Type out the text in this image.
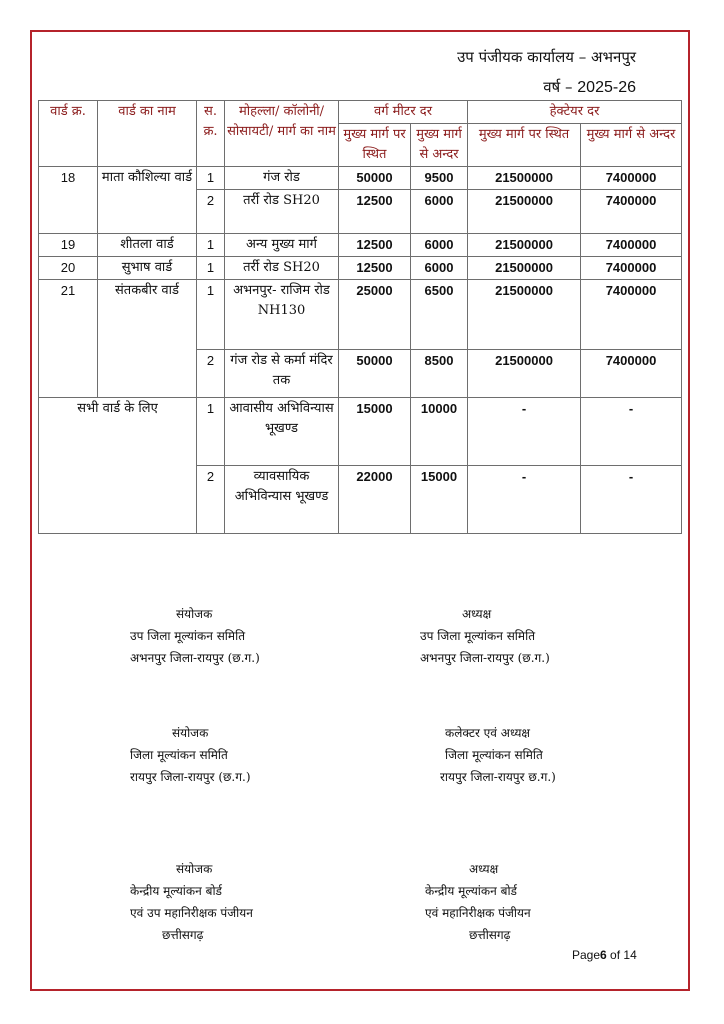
उप पंजीयक कार्यालय – अभनपुर
वर्ष – 2025-26
वार्ड क्र.	वार्ड का नाम	स. क्र.	मोहल्ला/ कॉलोनी/ सोसायटी/ मार्ग का नाम	वर्ग मीटर दर		हेक्टेयर दर	
				मुख्य मार्ग पर स्थित	मुख्य मार्ग से अन्दर	मुख्य मार्ग पर स्थित	मुख्य मार्ग से अन्दर
18	माता कौशिल्या वार्ड	1	गंज रोड	50000	9500	21500000	7400000
		2	तर्री रोड SH20	12500	6000	21500000	7400000
19	शीतला वार्ड	1	अन्य मुख्य मार्ग	12500	6000	21500000	7400000
20	सुभाष वार्ड	1	तर्री रोड SH20	12500	6000	21500000	7400000
21	संतकबीर वार्ड	1	अभनपुर- राजिम रोड NH130	25000	6500	21500000	7400000
		2	गंज रोड से कर्मा मंदिर तक	50000	8500	21500000	7400000
सभी वार्ड के लिए		1	आवासीय अभिविन्यास भूखण्ड	15000	10000	-	-
		2	व्यावसायिक अभिविन्यास भूखण्ड	22000	15000	-	-
संयोजक
उप जिला मूल्यांकन समिति
अभनपुर जिला-रायपुर (छ.ग.)
अध्यक्ष
उप जिला मूल्यांकन समिति
अभनपुर जिला-रायपुर (छ.ग.)
संयोजक
जिला मूल्यांकन समिति
रायपुर जिला-रायपुर (छ.ग.)
कलेक्टर एवं अध्यक्ष
जिला मूल्यांकन समिति
रायपुर जिला-रायपुर छ.ग.)
संयोजक
केन्द्रीय मूल्यांकन बोर्ड
एवं उप महानिरीक्षक पंजीयन
छत्तीसगढ़
अध्यक्ष
केन्द्रीय मूल्यांकन बोर्ड
एवं महानिरीक्षक पंजीयन
छत्तीसगढ़
Page6 of 14
